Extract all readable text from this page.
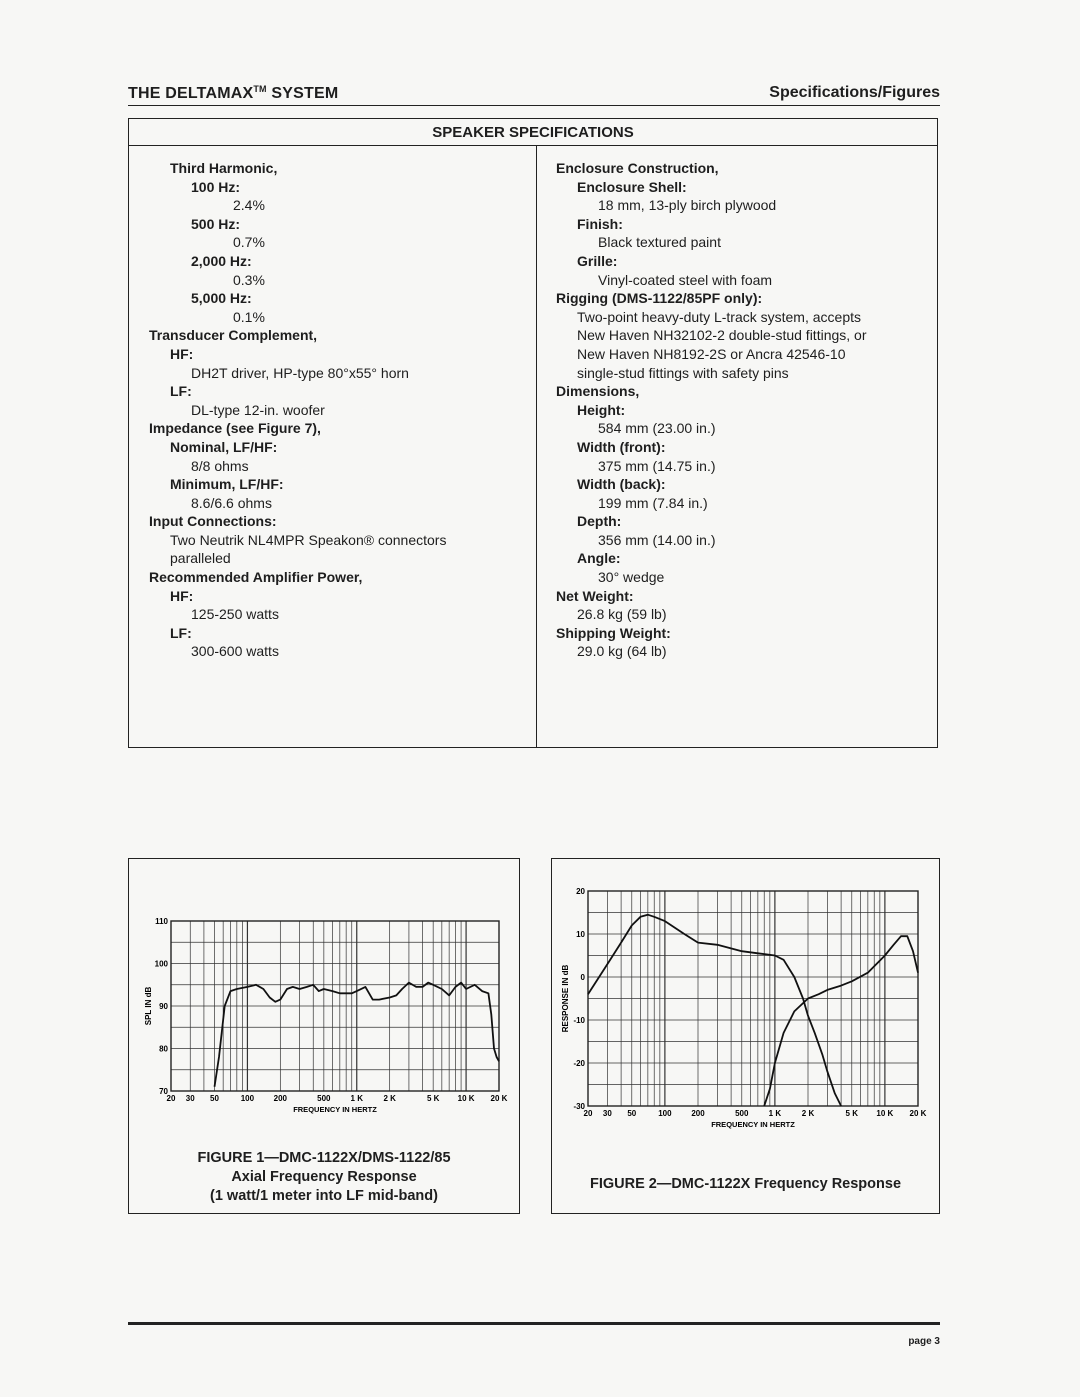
THE DELTAMAX™ SYSTEM	Specifications/Figures
SPEAKER SPECIFICATIONS
Third Harmonic,
100 Hz:
2.4%
500 Hz:
0.7%
2,000 Hz:
0.3%
5,000 Hz:
0.1%
Transducer Complement,
HF:
DH2T driver, HP-type 80°x55° horn
LF:
DL-type 12-in. woofer
Impedance (see Figure 7),
Nominal, LF/HF:
8/8 ohms
Minimum, LF/HF:
8.6/6.6 ohms
Input Connections:
Two Neutrik NL4MPR Speakon® connectors
paralleled
Recommended Amplifier Power,
HF:
125-250 watts
LF:
300-600 watts
Enclosure Construction,
Enclosure Shell:
18 mm, 13-ply birch plywood
Finish:
Black textured paint
Grille:
Vinyl-coated steel with foam
Rigging (DMS-1122/85PF only):
Two-point heavy-duty L-track system, accepts
New Haven NH32102-2 double-stud fittings, or
New Haven NH8192-2S or Ancra 42546-10
single-stud fittings with safety pins
Dimensions,
Height:
584 mm (23.00 in.)
Width (front):
375 mm (14.75 in.)
Width (back):
199 mm (7.84 in.)
Depth:
356 mm (14.00 in.)
Angle:
30° wedge
Net Weight:
26.8 kg (59 lb)
Shipping Weight:
29.0 kg (64 lb)
70
80
90
100
110
20 30 50	100 200	500	1 K	2 K	5 K 10 K 20 K
FREQUENCY IN HERTZ
SPL IN dB
FIGURE 1—DMC-1122X/DMS-1122/85
Axial Frequency Response
(1 watt/1 meter into LF mid-band)
-30
-20
-10
0
10
20
20 30 50	100 200	500	1 K	2 K	5 K 10 K 20 K
FREQUENCY IN HERTZ
RESPONSE IN dB
FIGURE 2—DMC-1122X Frequency Response
page 3
